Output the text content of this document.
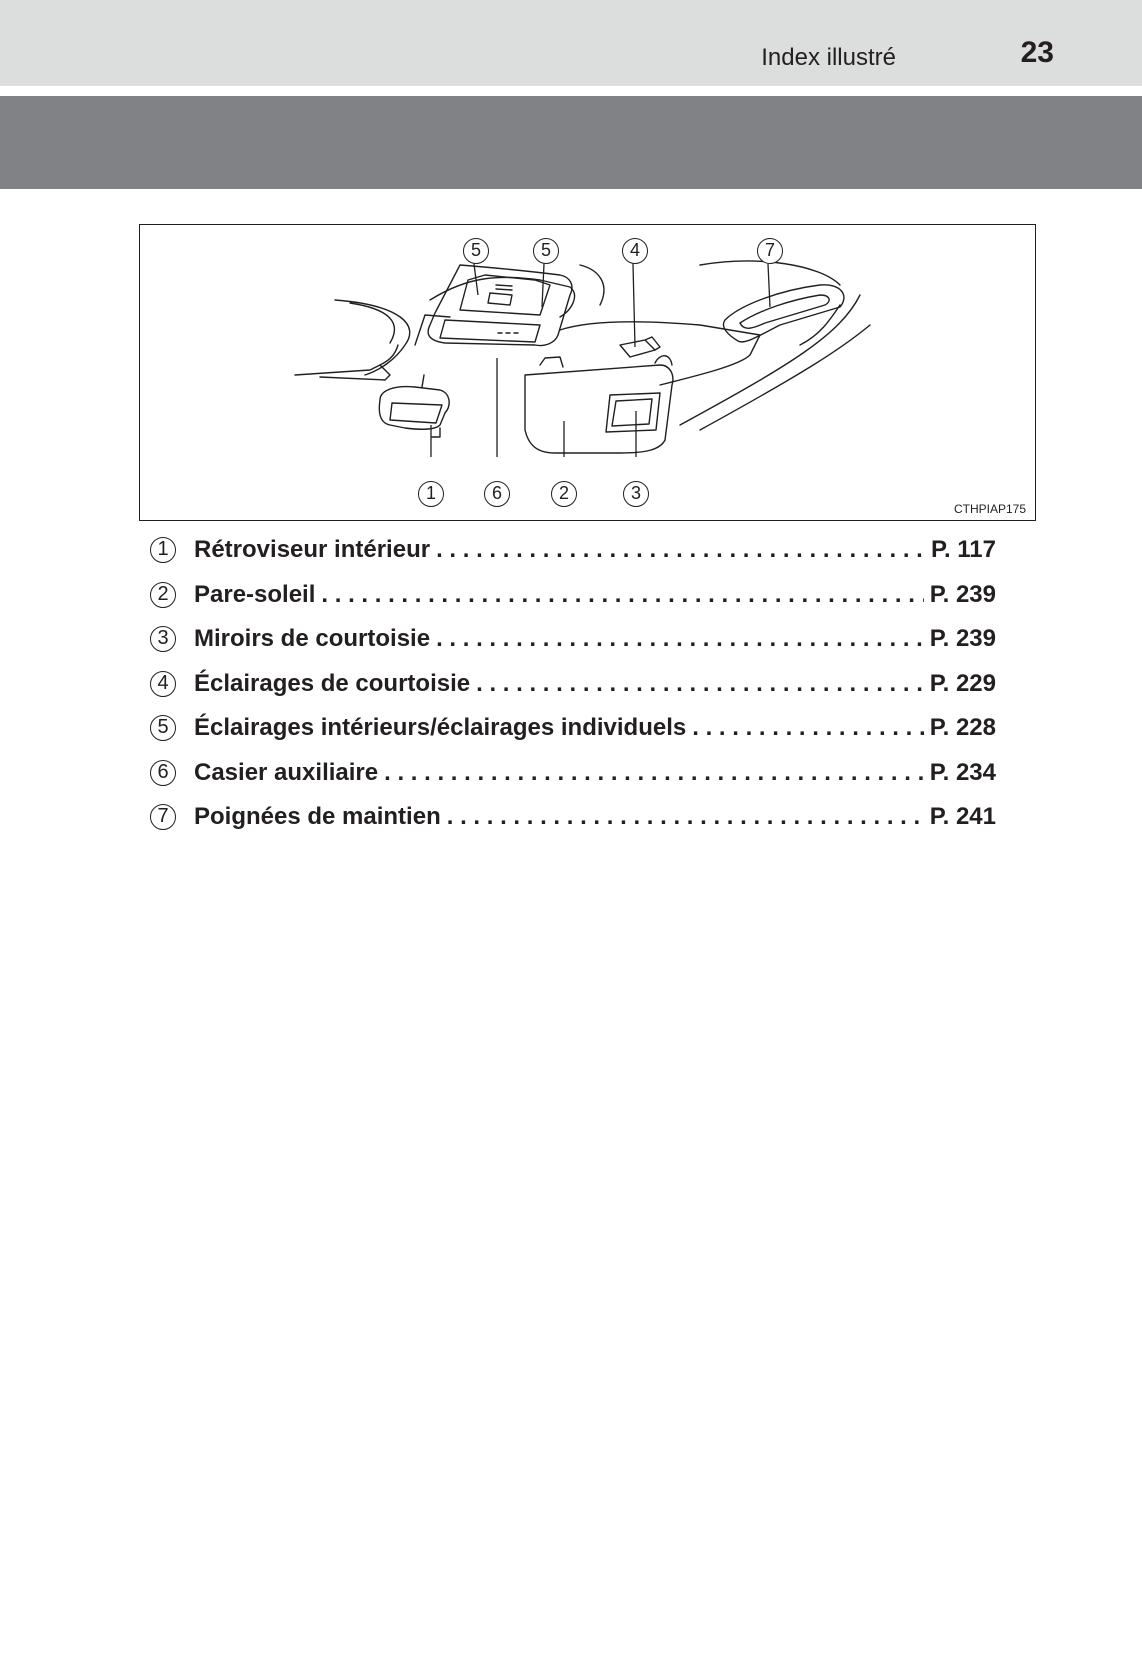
Index illustré	23
5	5	4	7
1	6	2	3
CTHPIAP175
1	Rétroviseur intérieur . . .	P. 117
2	Pare-soleil . . .	P. 239
3	Miroirs de courtoisie . . .	P. 239
4	Éclairages de courtoisie . . .	P. 229
5	Éclairages intérieurs/éclairages individuels . . .	P. 228
6	Casier auxiliaire . . .	P. 234
7	Poignées de maintien . . .	P. 241
